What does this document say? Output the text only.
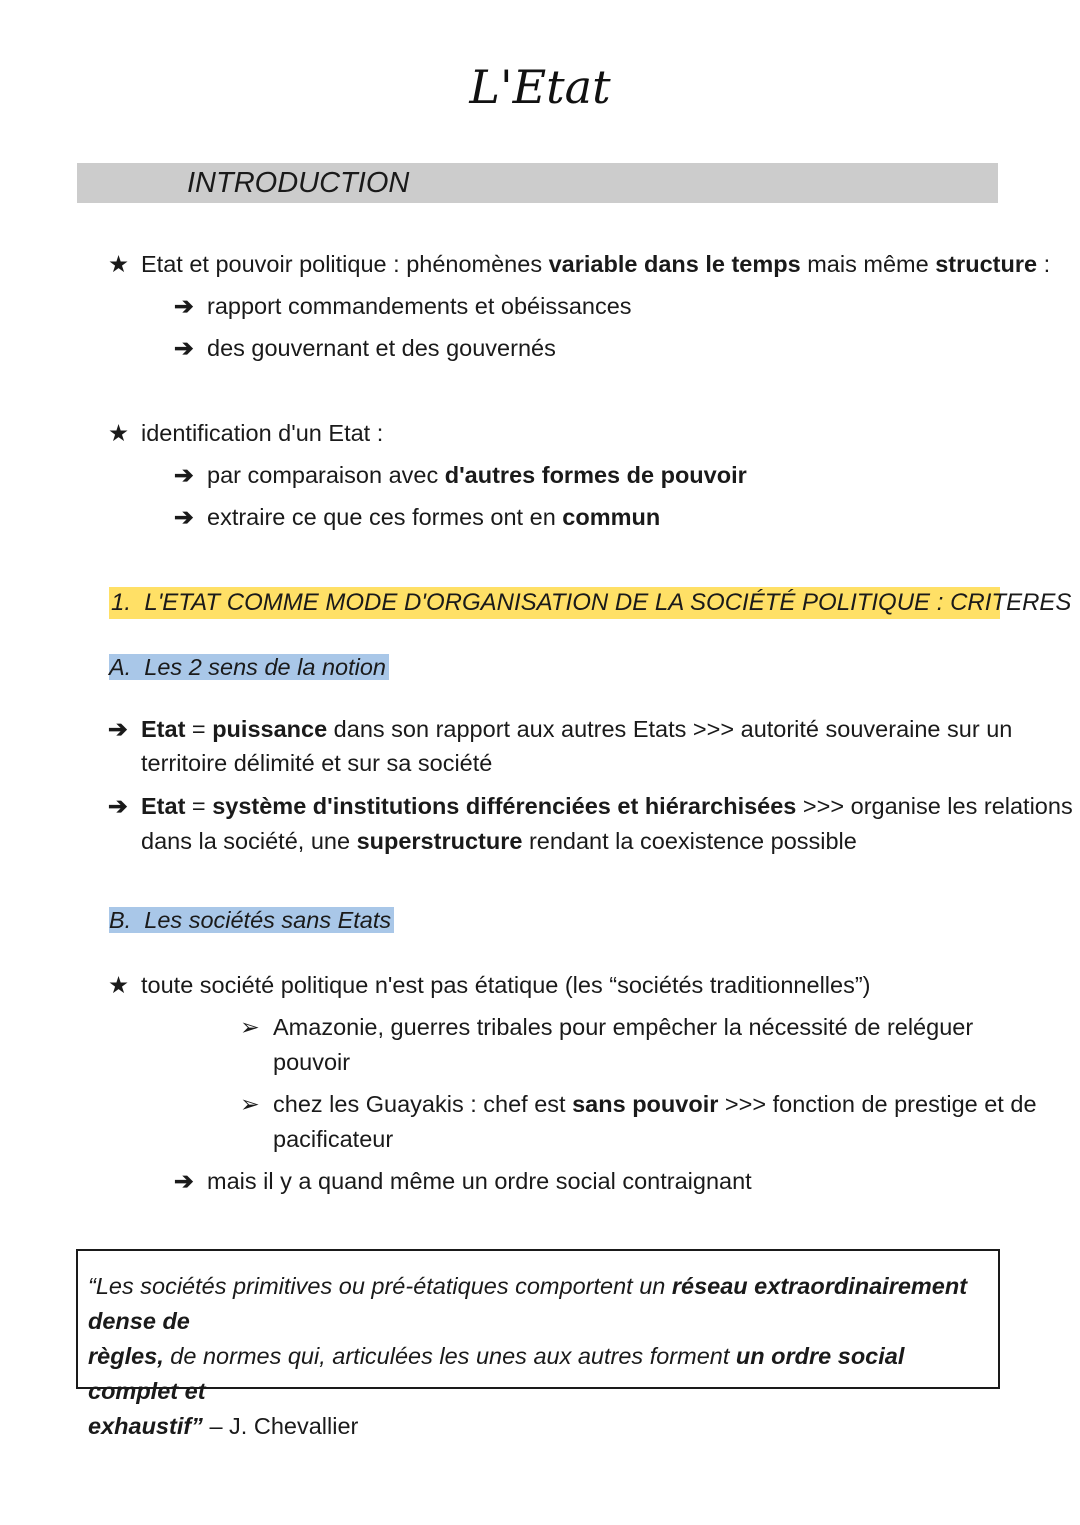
L'Etat
INTRODUCTION
★ Etat et pouvoir politique : phénomènes variable dans le temps mais même structure :
➔ rapport commandements et obéissances
➔ des gouvernant et des gouvernés
★ identification d'un Etat :
➔ par comparaison avec d'autres formes de pouvoir
➔ extraire ce que ces formes ont en commun
1. L'ETAT COMME MODE D'ORGANISATION DE LA SOCIÉTÉ POLITIQUE : CRITERES
A. Les 2 sens de la notion
➔ Etat = puissance dans son rapport aux autres Etats >>> autorité souveraine sur un
territoire délimité et sur sa société
➔ Etat = système d'institutions différenciées et hiérarchisées >>> organise les relations
dans la société, une superstructure rendant la coexistence possible
B. Les sociétés sans Etats
★ toute société politique n'est pas étatique (les “sociétés traditionnelles”)
➢ Amazonie, guerres tribales pour empêcher la nécessité de reléguer
pouvoir
➢ chez les Guayakis : chef est sans pouvoir >>> fonction de prestige et de
pacificateur
➔ mais il y a quand même un ordre social contraignant
“Les sociétés primitives ou pré-étatiques comportent un réseau extraordinairement dense de
règles, de normes qui, articulées les unes aux autres forment un ordre social complet et
exhaustif” – J. Chevallier
